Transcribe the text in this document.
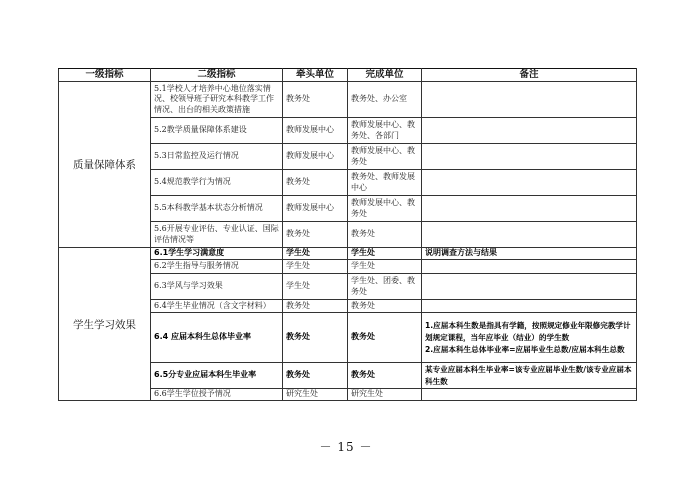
一级指标	二级指标	牵头单位	完成单位	备注
质量保障体系	5.1学校人才培养中心地位落实情况、校领导班子研究本科教学工作情况、出台的相关政策措施	教务处	教务处、办公室	
	5.2教学质量保障体系建设	教师发展中心	教师发展中心、教务处、各部门	
	5.3日常监控及运行情况	教师发展中心	教师发展中心、教务处	
	5.4规范教学行为情况	教务处	教务处、教师发展中心	
	5.5本科教学基本状态分析情况	教师发展中心	教师发展中心、教务处	
	5.6开展专业评估、专业认证、国际评估情况等	教务处	教务处	
学生学习效果	6.1学生学习满意度	学生处	学生处	说明调查方法与结果
	6.2学生指导与服务情况	学生处	学生处	
	6.3学风与学习效果	学生处	学生处、团委、教务处	
	6.4学生毕业情况（含文字材料）	教务处	教务处	
	6.4 应届本科生总体毕业率	教务处	教务处	1.应届本科生数是指具有学籍，按照规定修业年限修完教学计划规定课程，当年应毕业（结业）的学生数
2.应届本科生总体毕业率=应届毕业生总数/应届本科生总数
	6.5分专业应届本科生毕业率	教务处	教务处	某专业应届本科生毕业率=该专业应届毕业生数/该专业应届本科生数
	6.6学生学位授予情况	研究生处	研究生处	
－ 15 －
